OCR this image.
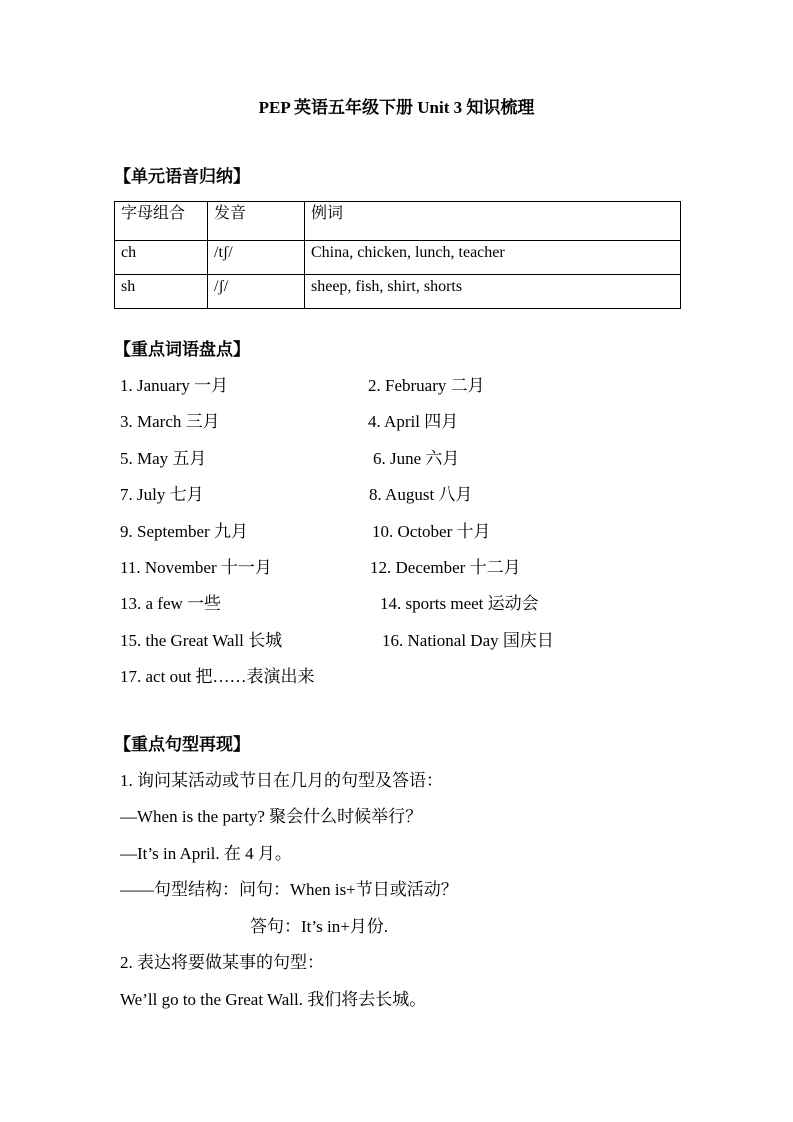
PEP 英语五年级下册 Unit 3 知识梳理
【单元语音归纳】
字母组合	发音	例词
ch	/tʃ/	China, chicken, lunch, teacher
sh	/ʃ/	sheep, fish, shirt, shorts
【重点词语盘点】
1. January 一月	2. February 二月
3. March 三月	4. April 四月
5. May 五月	6. June 六月
7. July 七月	8. August 八月
9. September 九月	10. October 十月
11. November 十一月	12. December 十二月
13. a few 一些	14. sports meet 运动会
15. the Great Wall 长城	16. National Day 国庆日
17. act out 把……表演出来
【重点句型再现】
1. 询问某活动或节日在几月的句型及答语：
—When is the party? 聚会什么时候举行？
—It’s in April. 在 4 月。
——句型结构：问句：When is+节日或活动？
答句：It’s in+月份.
2. 表达将要做某事的句型：
We’ll go to the Great Wall. 我们将去长城。
